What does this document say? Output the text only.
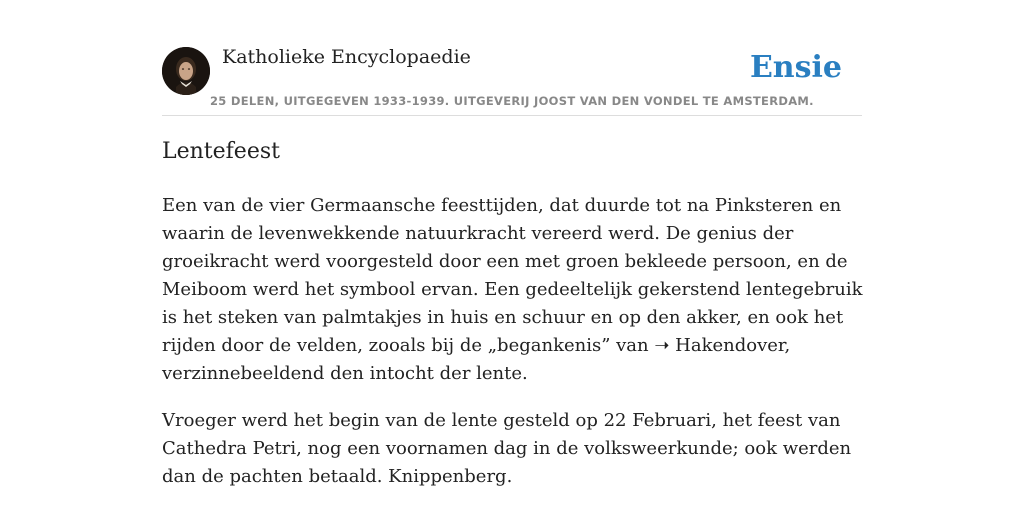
Katholieke Encyclopaedie	Ensie
25 DELEN, UITGEGEVEN 1933-1939. UITGEVERIJ JOOST VAN DEN VONDEL TE AMSTERDAM.
Lentefeest

Een van de vier Germaansche feesttijden, dat duurde tot na Pinksteren en waarin de levenwekkende natuurkracht vereerd werd. De genius der groeikracht werd voorgesteld door een met groen bekleede persoon, en de Meiboom werd het symbool ervan. Een gedeeltelijk gekerstend lentegebruik is het steken van palmtakjes in huis en schuur en op den akker, en ook het rijden door de velden, zooals bij de „begankenis” van ➝ Hakendover, verzinnebeeldend den intocht der lente.

Vroeger werd het begin van de lente gesteld op 22 Februari, het feest van Cathedra Petri, nog een voornamen dag in de volksweerkunde; ook werden dan de pachten betaald. Knippenberg.
